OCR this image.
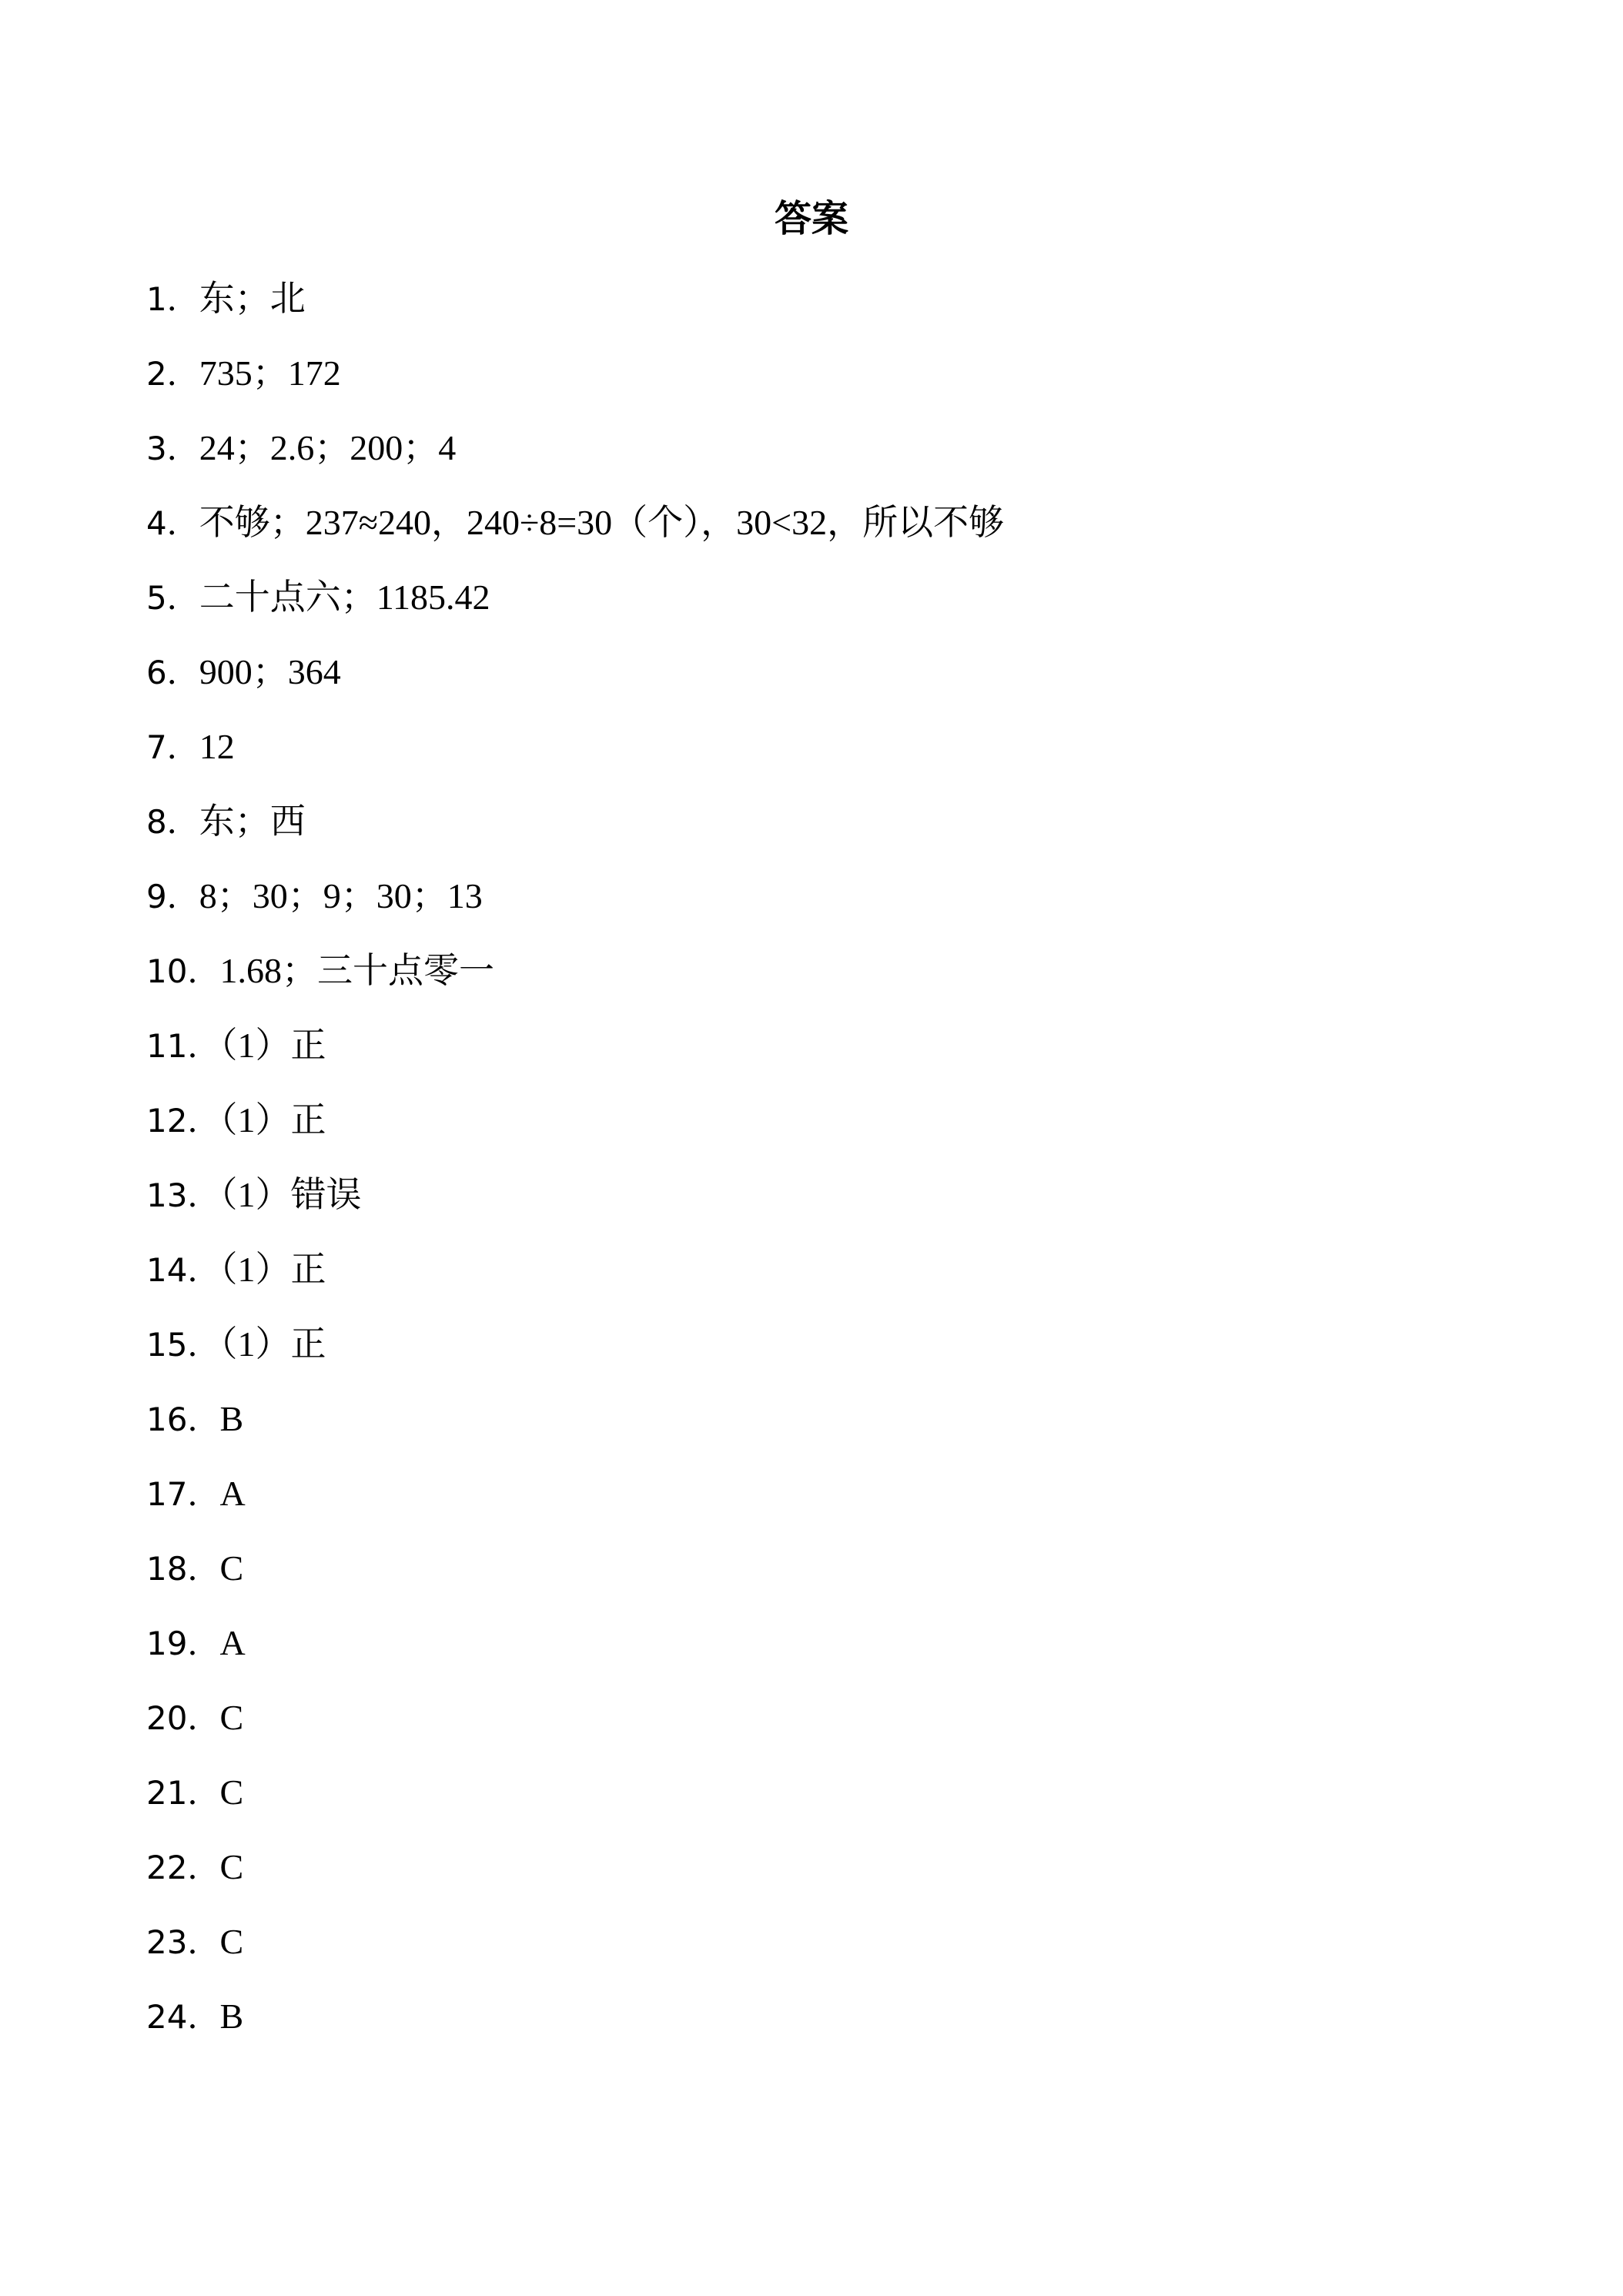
答案
1．东；北
2．735；172
3．24；2.6；200；4
4．不够；237≈240，240÷8=30（个），30<32，所以不够
5．二十点六；1185.42
6．900；364
7．12
8．东；西
9．8；30；9；30；13
10．1.68；三十点零一
11．（1）正
12．（1）正
13．（1）错误
14．（1）正
15．（1）正
16．B
17．A
18．C
19．A
20．C
21．C
22．C
23．C
24．B
